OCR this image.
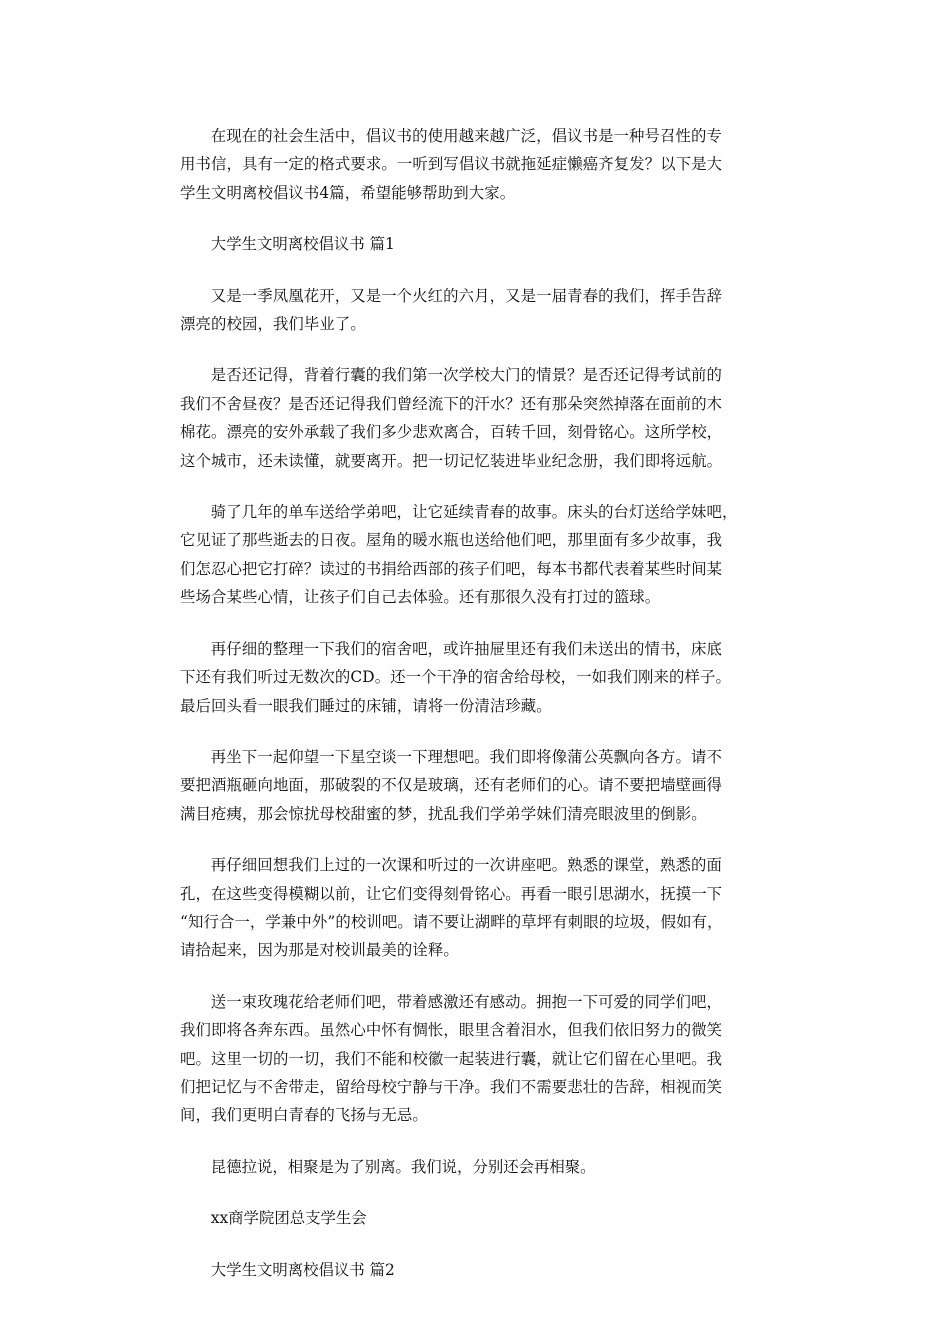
在现在的社会生活中，倡议书的使用越来越广泛，倡议书是一种号召性的专
用书信，具有一定的格式要求。一听到写倡议书就拖延症懒癌齐复发？以下是大
学生文明离校倡议书4篇，希望能够帮助到大家。
大学生文明离校倡议书 篇1
又是一季凤凰花开，又是一个火红的六月，又是一届青春的我们，挥手告辞
漂亮的校园，我们毕业了。
是否还记得，背着行囊的我们第一次学校大门的情景？是否还记得考试前的
我们不舍昼夜？是否还记得我们曾经流下的汗水？还有那朵突然掉落在面前的木
棉花。漂亮的安外承载了我们多少悲欢离合，百转千回，刻骨铭心。这所学校，
这个城市，还未读懂，就要离开。把一切记忆装进毕业纪念册，我们即将远航。
骑了几年的单车送给学弟吧，让它延续青春的故事。床头的台灯送给学妹吧，
它见证了那些逝去的日夜。屋角的暖水瓶也送给他们吧，那里面有多少故事，我
们怎忍心把它打碎？读过的书捐给西部的孩子们吧，每本书都代表着某些时间某
些场合某些心情，让孩子们自己去体验。还有那很久没有打过的篮球。
再仔细的整理一下我们的宿舍吧，或许抽屉里还有我们未送出的情书，床底
下还有我们听过无数次的CD。还一个干净的宿舍给母校，一如我们刚来的样子。
最后回头看一眼我们睡过的床铺，请将一份清洁珍藏。
再坐下一起仰望一下星空谈一下理想吧。我们即将像蒲公英飘向各方。请不
要把酒瓶砸向地面，那破裂的不仅是玻璃，还有老师们的心。请不要把墙壁画得
满目疮痍，那会惊扰母校甜蜜的梦，扰乱我们学弟学妹们清亮眼波里的倒影。
再仔细回想我们上过的一次课和听过的一次讲座吧。熟悉的课堂，熟悉的面
孔，在这些变得模糊以前，让它们变得刻骨铭心。再看一眼引思湖水，抚摸一下
“知行合一，学兼中外”的校训吧。请不要让湖畔的草坪有刺眼的垃圾，假如有，
请拾起来，因为那是对校训最美的诠释。
送一束玫瑰花给老师们吧，带着感激还有感动。拥抱一下可爱的同学们吧，
我们即将各奔东西。虽然心中怀有惆怅，眼里含着泪水，但我们依旧努力的微笑
吧。这里一切的一切，我们不能和校徽一起装进行囊，就让它们留在心里吧。我
们把记忆与不舍带走，留给母校宁静与干净。我们不需要悲壮的告辞，相视而笑
间，我们更明白青春的飞扬与无忌。
昆德拉说，相聚是为了别离。我们说，分别还会再相聚。
xx商学院团总支学生会
大学生文明离校倡议书 篇2
